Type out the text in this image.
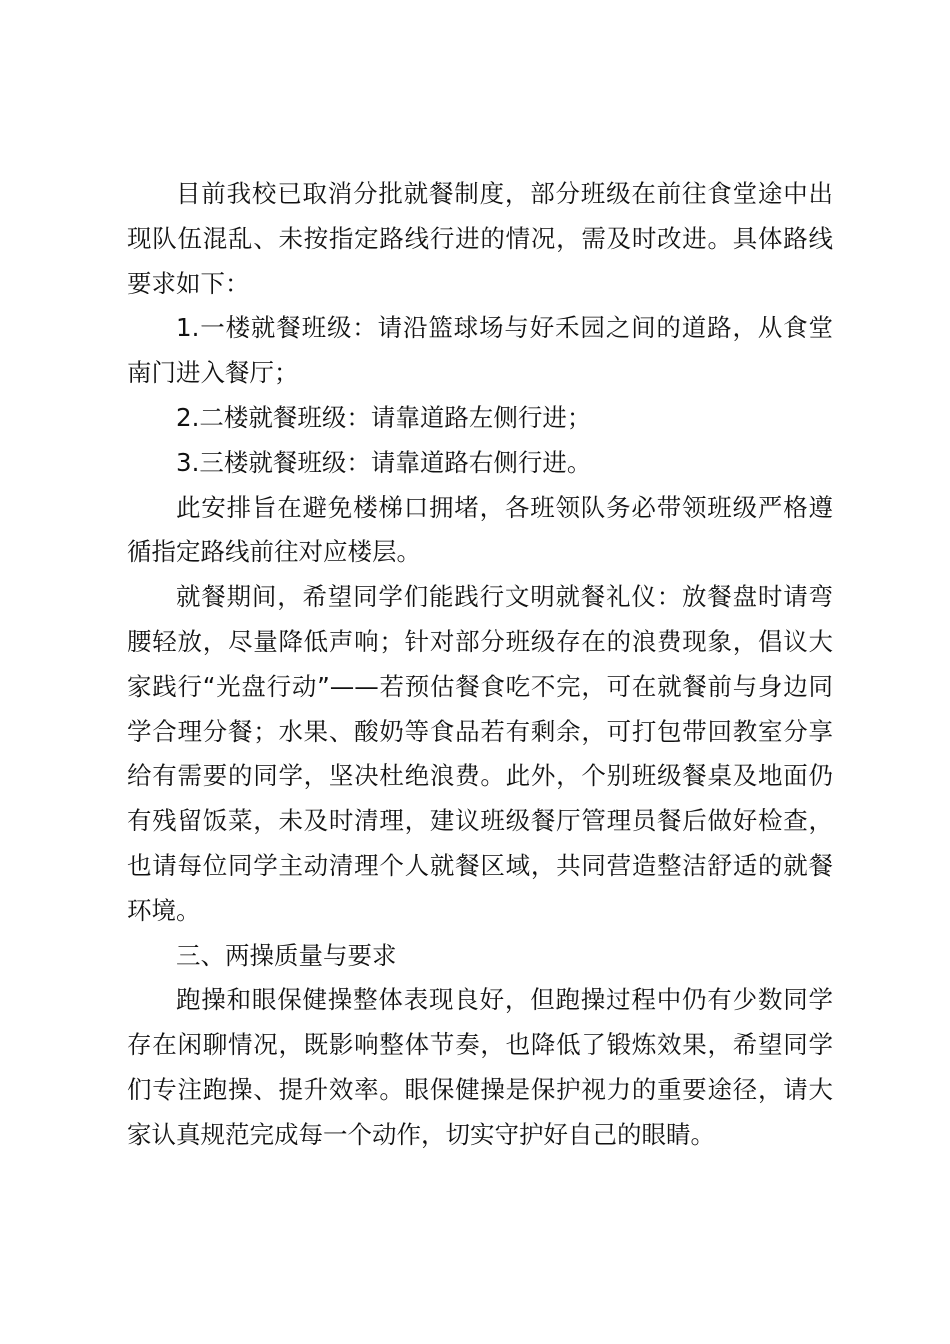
目前我校已取消分批就餐制度，部分班级在前往食堂途中出现队伍混乱、未按指定路线行进的情况，需及时改进。具体路线要求如下：

1.一楼就餐班级：请沿篮球场与好禾园之间的道路，从食堂南门进入餐厅；

2.二楼就餐班级：请靠道路左侧行进；

3.三楼就餐班级：请靠道路右侧行进。

此安排旨在避免楼梯口拥堵，各班领队务必带领班级严格遵循指定路线前往对应楼层。

就餐期间，希望同学们能践行文明就餐礼仪：放餐盘时请弯腰轻放，尽量降低声响；针对部分班级存在的浪费现象，倡议大家践行“光盘行动”——若预估餐食吃不完，可在就餐前与身边同学合理分餐；水果、酸奶等食品若有剩余，可打包带回教室分享给有需要的同学，坚决杜绝浪费。此外，个别班级餐桌及地面仍有残留饭菜，未及时清理，建议班级餐厅管理员餐后做好检查，也请每位同学主动清理个人就餐区域，共同营造整洁舒适的就餐环境。

三、两操质量与要求

跑操和眼保健操整体表现良好，但跑操过程中仍有少数同学存在闲聊情况，既影响整体节奏，也降低了锻炼效果，希望同学们专注跑操、提升效率。眼保健操是保护视力的重要途径，请大家认真规范完成每一个动作，切实守护好自己的眼睛。
